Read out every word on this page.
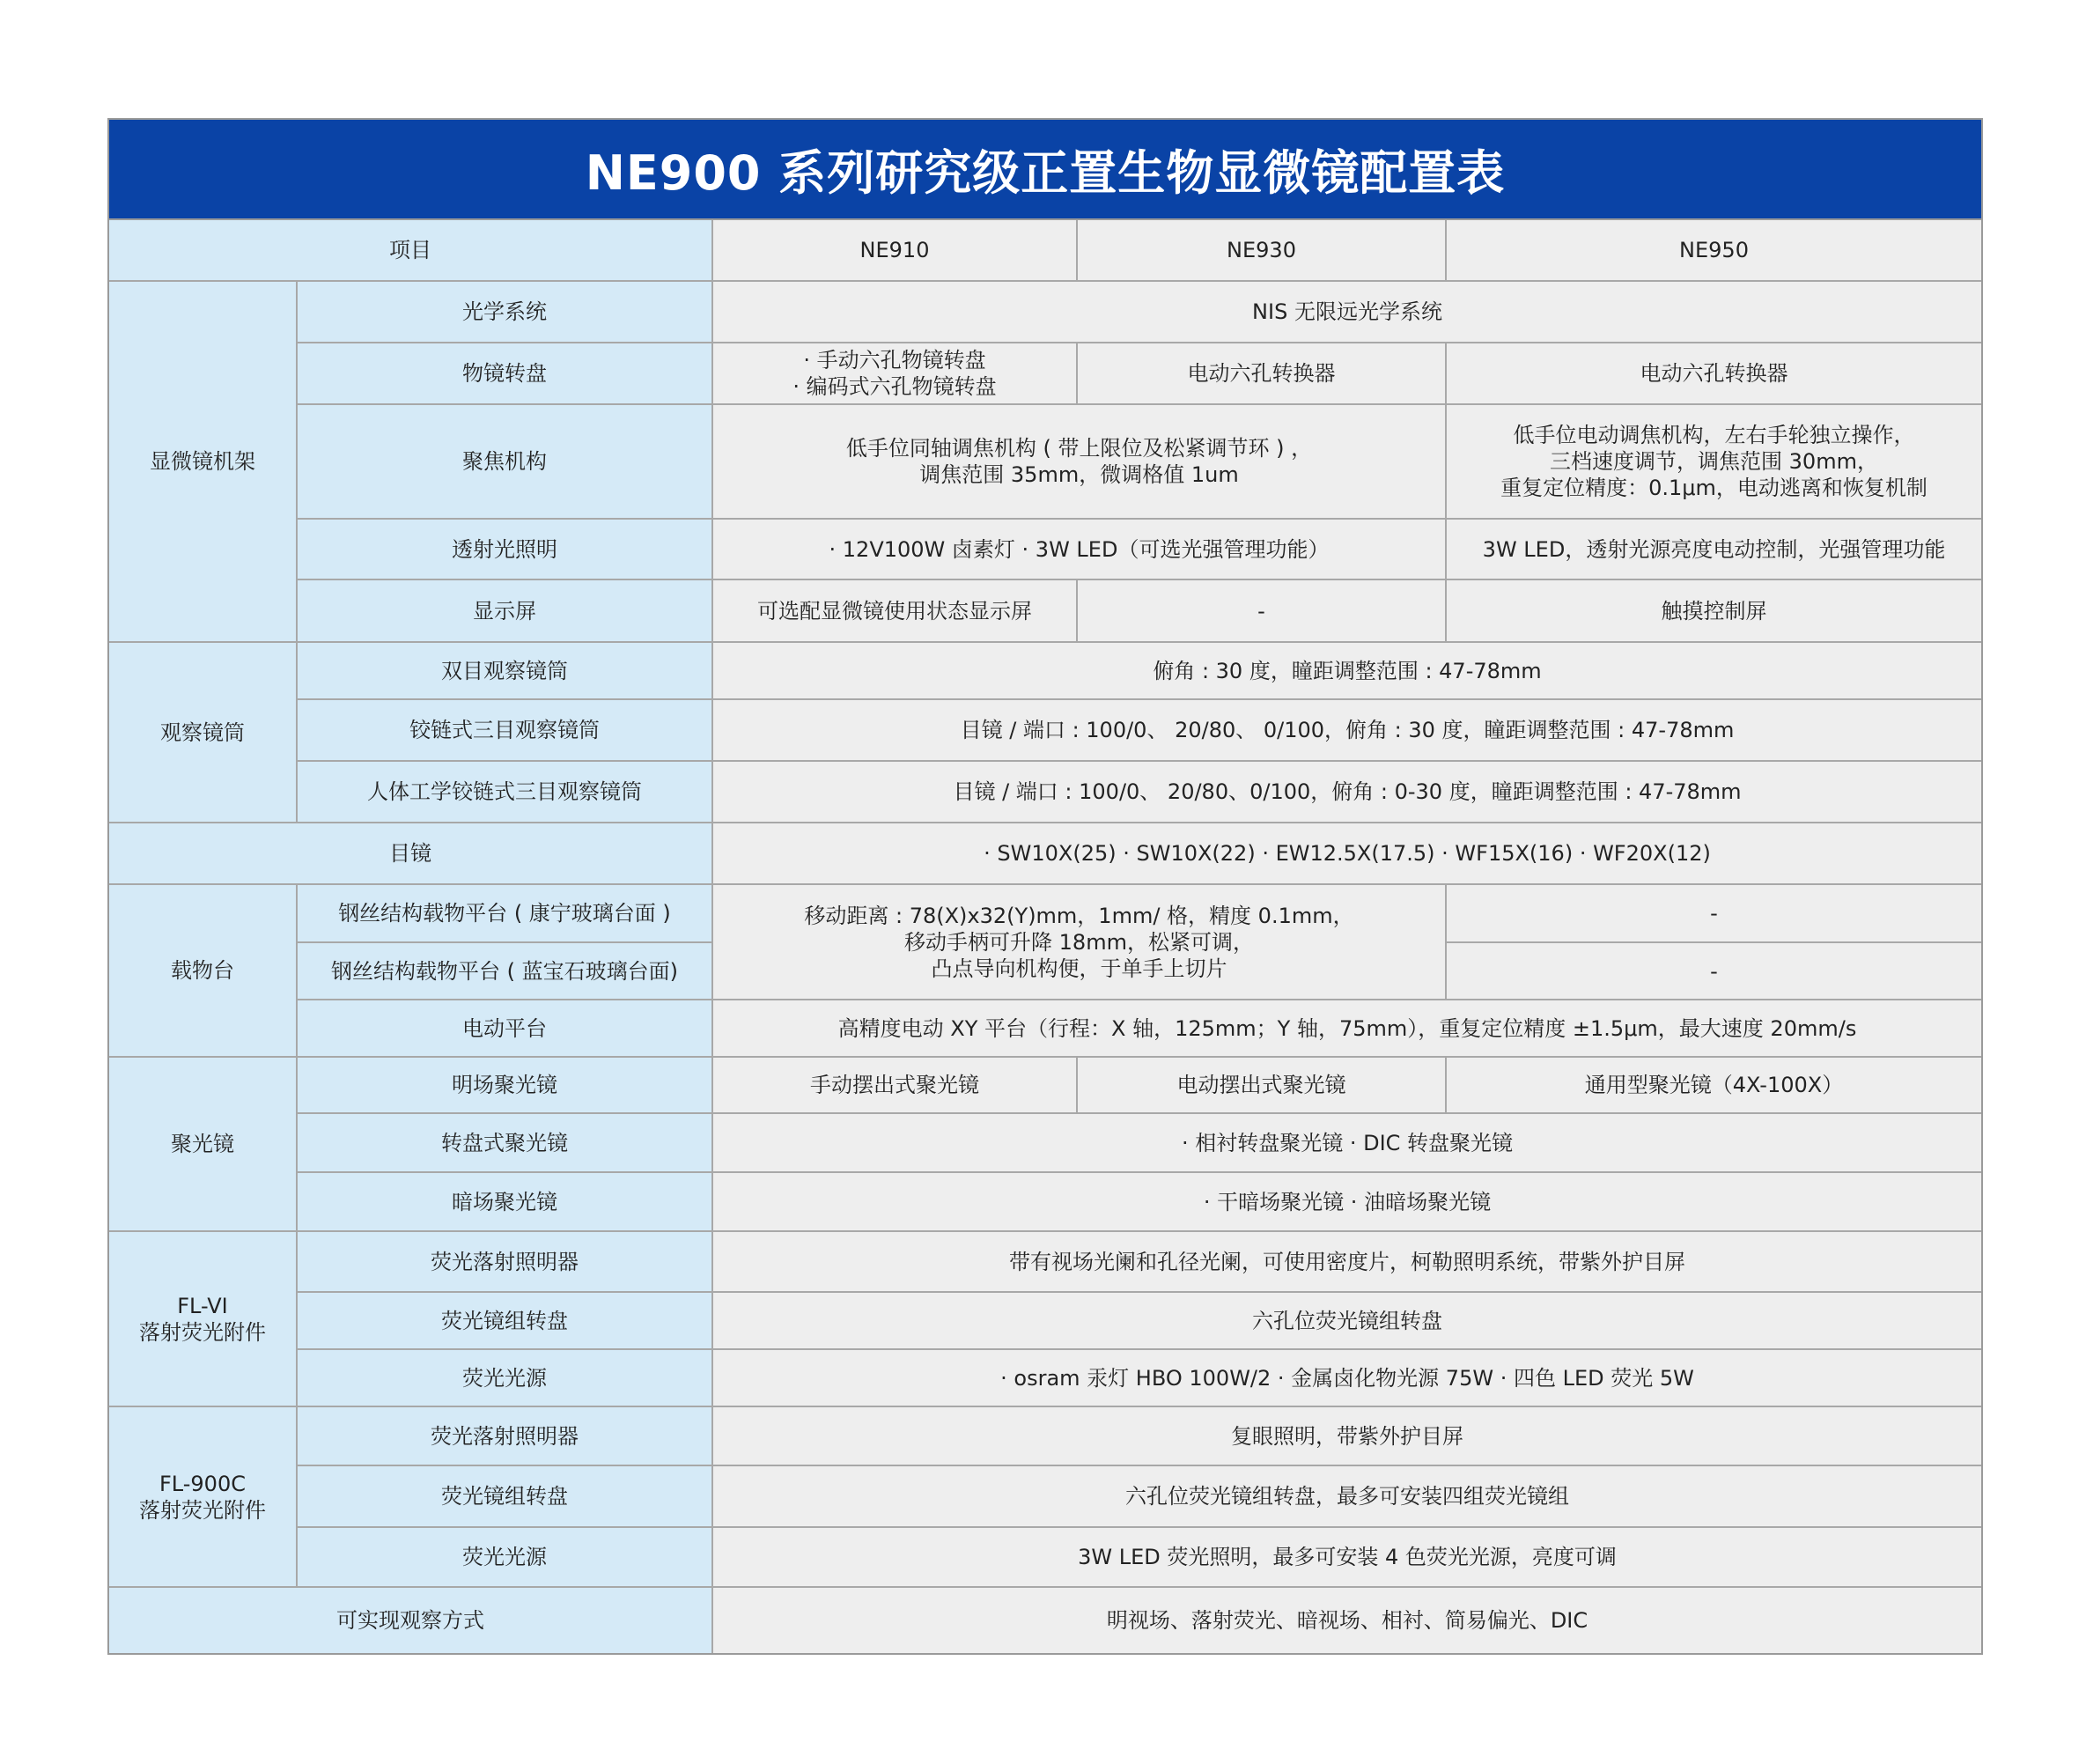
NE900 系列研究级正置生物显微镜配置表
项目		NE910	NE930	NE950
显微镜机架	光学系统	NIS 无限远光学系统		
	物镜转盘	· 手动六孔物镜转盘
· 编码式六孔物镜转盘	电动六孔转换器	电动六孔转换器
	聚焦机构	低手位同轴调焦机构 ( 带上限位及松紧调节环 ) ，
调焦范围 35mm，微调格值 1um		低手位电动调焦机构，左右手轮独立操作，
三档速度调节，调焦范围 30mm，
重复定位精度：0.1μm，电动逃离和恢复机制
	透射光照明	· 12V100W 卤素灯 · 3W LED（可选光强管理功能）		3W LED，透射光源亮度电动控制，光强管理功能
	显示屏	可选配显微镜使用状态显示屏	-	触摸控制屏
观察镜筒	双目观察镜筒	俯角 : 30 度，瞳距调整范围 : 47-78mm		
	铰链式三目观察镜筒	目镜 / 端口 : 100/0、 20/80、 0/100，俯角 : 30 度，瞳距调整范围 : 47-78mm		
	人体工学铰链式三目观察镜筒	目镜 / 端口 : 100/0、 20/80、0/100，俯角 : 0-30 度，瞳距调整范围 : 47-78mm		
目镜		· SW10X(25) · SW10X(22) · EW12.5X(17.5) · WF15X(16) · WF20X(12)		
载物台	钢丝结构载物平台 ( 康宁玻璃台面 )	移动距离 : 78(X)x32(Y)mm，1mm/ 格，精度 0.1mm，
移动手柄可升降 18mm，松紧可调，
凸点导向机构便，于单手上切片		-
	钢丝结构载物平台 ( 蓝宝石玻璃台面)			-
	电动平台	高精度电动 XY 平台（行程：X 轴，125mm；Y 轴，75mm），重复定位精度 ±1.5μm，最大速度 20mm/s		
聚光镜	明场聚光镜	手动摆出式聚光镜	电动摆出式聚光镜	通用型聚光镜（4X-100X）
	转盘式聚光镜	· 相衬转盘聚光镜 · DIC 转盘聚光镜		
	暗场聚光镜	· 干暗场聚光镜 · 油暗场聚光镜		
FL-VI
落射荧光附件	荧光落射照明器	带有视场光阑和孔径光阑，可使用密度片，柯勒照明系统，带紫外护目屏		
	荧光镜组转盘	六孔位荧光镜组转盘		
	荧光光源	· osram 汞灯 HBO 100W/2 · 金属卤化物光源 75W · 四色 LED 荧光 5W		
FL-900C
落射荧光附件	荧光落射照明器	复眼照明，带紫外护目屏		
	荧光镜组转盘	六孔位荧光镜组转盘，最多可安装四组荧光镜组		
	荧光光源	3W LED 荧光照明，最多可安装 4 色荧光光源，亮度可调		
可实现观察方式		明视场、落射荧光、暗视场、相衬、简易偏光、DIC		
